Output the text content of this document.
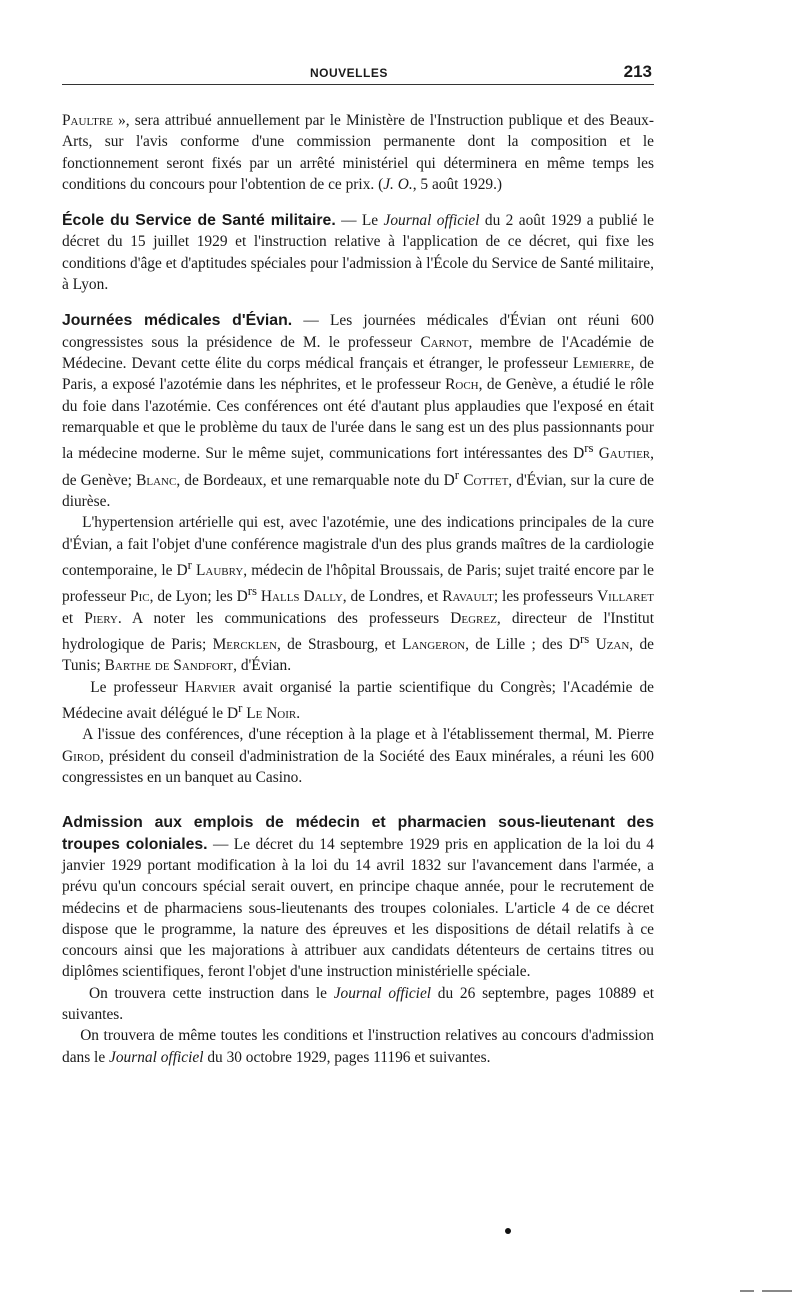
NOUVELLES	213

Paultre », sera attribué annuellement par le Ministère de l'Instruction publique et des Beaux-Arts, sur l'avis conforme d'une commission permanente dont la composition et le fonctionnement seront fixés par un arrêté ministériel qui déterminera en même temps les conditions du concours pour l'obtention de ce prix. (J. O., 5 août 1929.)

École du Service de Santé militaire. — Le Journal officiel du 2 août 1929 a publié le décret du 15 juillet 1929 et l'instruction relative à l'application de ce décret, qui fixe les conditions d'âge et d'aptitudes spéciales pour l'admission à l'École du Service de Santé militaire, à Lyon.

Journées médicales d'Évian. — Les journées médicales d'Évian ont réuni 600 congressistes sous la présidence de M. le professeur Carnot, membre de l'Académie de Médecine. Devant cette élite du corps médical français et étranger, le professeur Lemierre, de Paris, a exposé l'azotémie dans les néphrites, et le professeur Roch, de Genève, a étudié le rôle du foie dans l'azotémie. Ces conférences ont été d'autant plus applaudies que l'exposé en était remarquable et que le problème du taux de l'urée dans le sang est un des plus passionnants pour la médecine moderne. Sur le même sujet, communications fort intéressantes des $D^{rs}$ Gautier, de Genève; Blanc, de Bordeaux, et une remarquable note du $D^r$ Cottet, d'Évian, sur la cure de diurèse.

L'hypertension artérielle qui est, avec l'azotémie, une des indications principales de la cure d'Évian, a fait l'objet d'une conférence magistrale d'un des plus grands maîtres de la cardiologie contemporaine, le $D^r$ Laubry, médecin de l'hôpital Broussais, de Paris; sujet traité encore par le professeur Pic, de Lyon; les $D^{rs}$ Halls Dally, de Londres, et Ravault; les professeurs Villaret et Piery. A noter les communications des professeurs Degrez, directeur de l'Institut hydrologique de Paris; Mercklen, de Strasbourg, et Langeron, de Lille ; des $D^{rs}$ Uzan, de Tunis; Barthe de Sandfort, d'Évian.

Le professeur Harvier avait organisé la partie scientifique du Congrès; l'Académie de Médecine avait délégué le $D^r$ Le Noir.

A l'issue des conférences, d'une réception à la plage et à l'établissement thermal, M. Pierre Girod, président du conseil d'administration de la Société des Eaux minérales, a réuni les 600 congressistes en un banquet au Casino.

Admission aux emplois de médecin et pharmacien sous-lieutenant des troupes coloniales. — Le décret du 14 septembre 1929 pris en application de la loi du 4 janvier 1929 portant modification à la loi du 14 avril 1832 sur l'avancement dans l'armée, a prévu qu'un concours spécial serait ouvert, en principe chaque année, pour le recrutement de médecins et de pharmaciens sous-lieutenants des troupes coloniales. L'article 4 de ce décret dispose que le programme, la nature des épreuves et les dispositions de détail relatifs à ce concours ainsi que les majorations à attribuer aux candidats détenteurs de certains titres ou diplômes scientifiques, feront l'objet d'une instruction ministérielle spéciale.

On trouvera cette instruction dans le Journal officiel du 26 septembre, pages 10889 et suivantes.

On trouvera de même toutes les conditions et l'instruction relatives au concours d'admission dans le Journal officiel du 30 octobre 1929, pages 11196 et suivantes.
